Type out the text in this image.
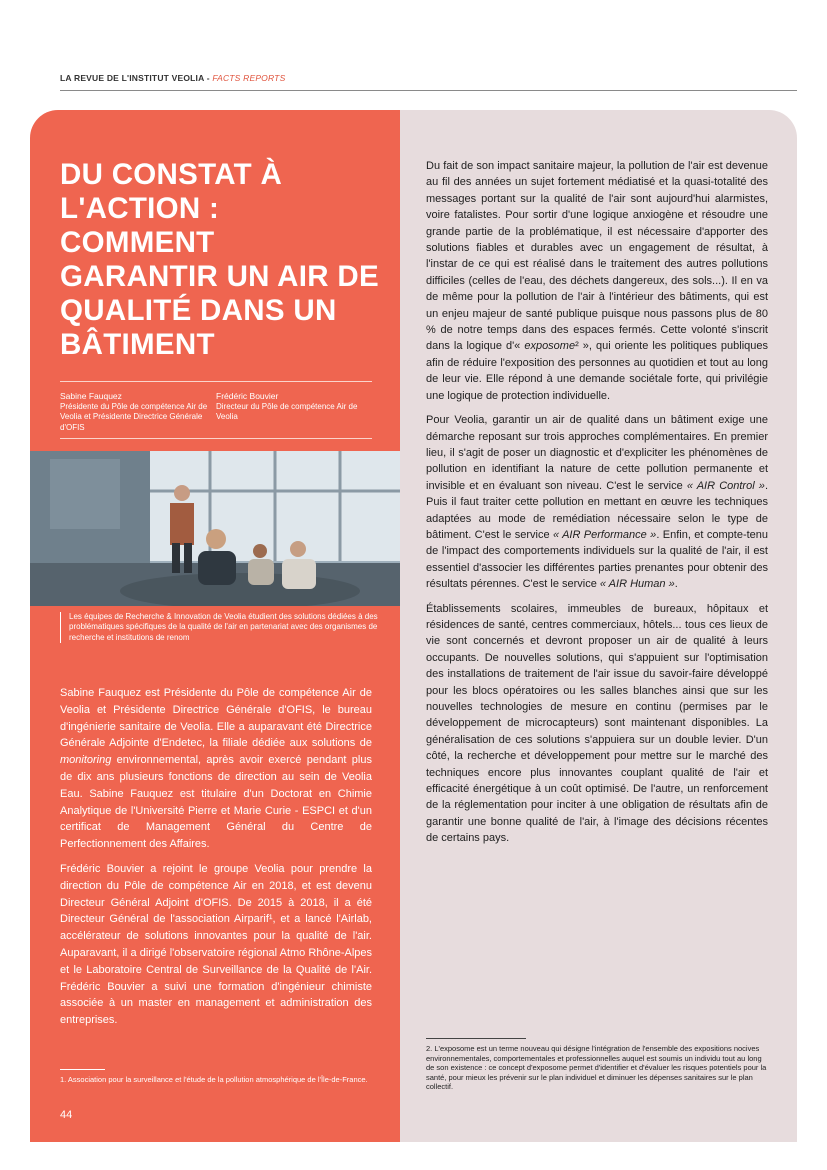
LA REVUE DE L'INSTITUT VEOLIA - FACTS REPORTS
DU CONSTAT À L'ACTION : COMMENT GARANTIR UN AIR DE QUALITÉ DANS UN BÂTIMENT
Sabine Fauquez
Présidente du Pôle de compétence Air de Veolia et Présidente Directrice Générale d'OFIS
Frédéric Bouvier
Directeur du Pôle de compétence Air de Veolia
Les équipes de Recherche & Innovation de Veolia étudient des solutions dédiées à des problématiques spécifiques de la qualité de l'air en partenariat avec des organismes de recherche et institutions de renom

Sabine Fauquez est Présidente du Pôle de compétence Air de Veolia et Présidente Directrice Générale d'OFIS, le bureau d'ingénierie sanitaire de Veolia. Elle a auparavant été Directrice Générale Adjointe d'Endetec, la filiale dédiée aux solutions de monitoring environnemental, après avoir exercé pendant plus de dix ans plusieurs fonctions de direction au sein de Veolia Eau. Sabine Fauquez est titulaire d'un Doctorat en Chimie Analytique de l'Université Pierre et Marie Curie - ESPCI et d'un certificat de Management Général du Centre de Perfectionnement des Affaires.

Frédéric Bouvier a rejoint le groupe Veolia pour prendre la direction du Pôle de compétence Air en 2018, et est devenu Directeur Général Adjoint d'OFIS. De 2015 à 2018, il a été Directeur Général de l'association Airparif¹, et a lancé l'Airlab, accélérateur de solutions innovantes pour la qualité de l'air. Auparavant, il a dirigé l'observatoire régional Atmo Rhône-Alpes et le Laboratoire Central de Surveillance de la Qualité de l'Air. Frédéric Bouvier a suivi une formation d'ingénieur chimiste associée à un master en management et administration des entreprises.

1. Association pour la surveillance et l'étude de la pollution atmosphérique de l'Île-de-France.
44

Du fait de son impact sanitaire majeur, la pollution de l'air est devenue au fil des années un sujet fortement médiatisé et la quasi-totalité des messages portant sur la qualité de l'air sont aujourd'hui alarmistes, voire fatalistes. Pour sortir d'une logique anxiogène et résoudre une grande partie de la problématique, il est nécessaire d'apporter des solutions fiables et durables avec un engagement de résultat, à l'instar de ce qui est réalisé dans le traitement des autres pollutions difficiles (celles de l'eau, des déchets dangereux, des sols...). Il en va de même pour la pollution de l'air à l'intérieur des bâtiments, qui est un enjeu majeur de santé publique puisque nous passons plus de 80 % de notre temps dans des espaces fermés. Cette volonté s'inscrit dans la logique d'« exposome² », qui oriente les politiques publiques afin de réduire l'exposition des personnes au quotidien et tout au long de leur vie. Elle répond à une demande sociétale forte, qui privilégie une logique de protection individuelle.

Pour Veolia, garantir un air de qualité dans un bâtiment exige une démarche reposant sur trois approches complémentaires. En premier lieu, il s'agit de poser un diagnostic et d'expliciter les phénomènes de pollution en identifiant la nature de cette pollution permanente et invisible et en évaluant son niveau. C'est le service « AIR Control ». Puis il faut traiter cette pollution en mettant en œuvre les techniques adaptées au mode de remédiation nécessaire selon le type de bâtiment. C'est le service « AIR Performance ». Enfin, et compte-tenu de l'impact des comportements individuels sur la qualité de l'air, il est essentiel d'associer les différentes parties prenantes pour obtenir des résultats pérennes. C'est le service « AIR Human ».

Établissements scolaires, immeubles de bureaux, hôpitaux et résidences de santé, centres commerciaux, hôtels... tous ces lieux de vie sont concernés et devront proposer un air de qualité à leurs occupants. De nouvelles solutions, qui s'appuient sur l'optimisation des installations de traitement de l'air issue du savoir-faire développé pour les blocs opératoires ou les salles blanches ainsi que sur les nouvelles technologies de mesure en continu (permises par le développement de microcapteurs) sont maintenant disponibles. La généralisation de ces solutions s'appuiera sur un double levier. D'un côté, la recherche et développement pour mettre sur le marché des techniques encore plus innovantes couplant qualité de l'air et efficacité énergétique à un coût optimisé. De l'autre, un renforcement de la réglementation pour inciter à une obligation de résultats afin de garantir une bonne qualité de l'air, à l'image des décisions récentes de certains pays.

2. L'exposome est un terme nouveau qui désigne l'intégration de l'ensemble des expositions nocives environnementales, comportementales et professionnelles auquel est soumis un individu tout au long de son existence : ce concept d'exposome permet d'identifier et d'évaluer les risques potentiels pour la santé, pour mieux les prévenir sur le plan individuel et diminuer les dépenses sanitaires sur le plan collectif.
